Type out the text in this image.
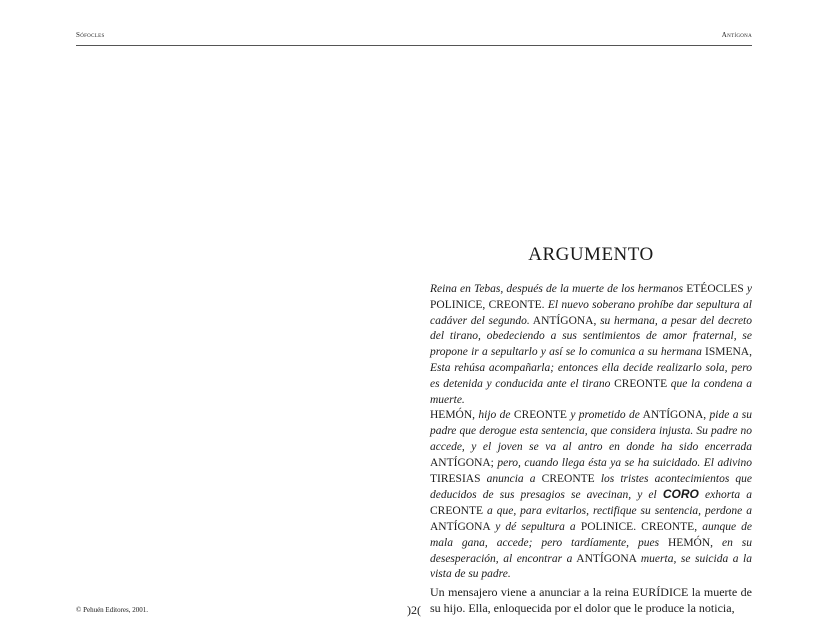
Sófocles	Antígona
ARGUMENTO

Reina en Tebas, después de la muerte de los hermanos ETÉOCLES y POLINICE, CREONTE. El nuevo soberano prohíbe dar sepultura al cadáver del segundo. ANTÍGONA, su hermana, a pesar del decreto del tirano, obedeciendo a sus sentimientos de amor fraternal, se propone ir a sepultarlo y así se lo comunica a su hermana ISMENA, Esta rehúsa acompañarla; entonces ella decide realizarlo sola, pero es detenida y conducida ante el tirano CREONTE que la condena a muerte.

HEMÓN, hijo de CREONTE y prometido de ANTÍGONA, pide a su padre que derogue esta sentencia, que considera injusta. Su padre no accede, y el joven se va al antro en donde ha sido encerrada ANTÍGONA; pero, cuando llega ésta ya se ha suicidado. El adivino TIRESIAS anuncia a CREONTE los tristes acontecimientos que deducidos de sus presagios se avecinan, y el CORO exhorta a CREONTE a que, para evitarlos, rectifique su sentencia, perdone a ANTÍGONA y dé sepultura a POLINICE. CREONTE, aunque de mala gana, accede; pero tardíamente, pues HEMÓN, en su desesperación, al encontrar a ANTÍGONA muerta, se suicida a la vista de su padre.

Un mensajero viene a anunciar a la reina EURÍDICE la muerte de su hijo. Ella, enloquecida por el dolor que le produce la noticia,

© Pehuén Editores, 2001.	)2(
